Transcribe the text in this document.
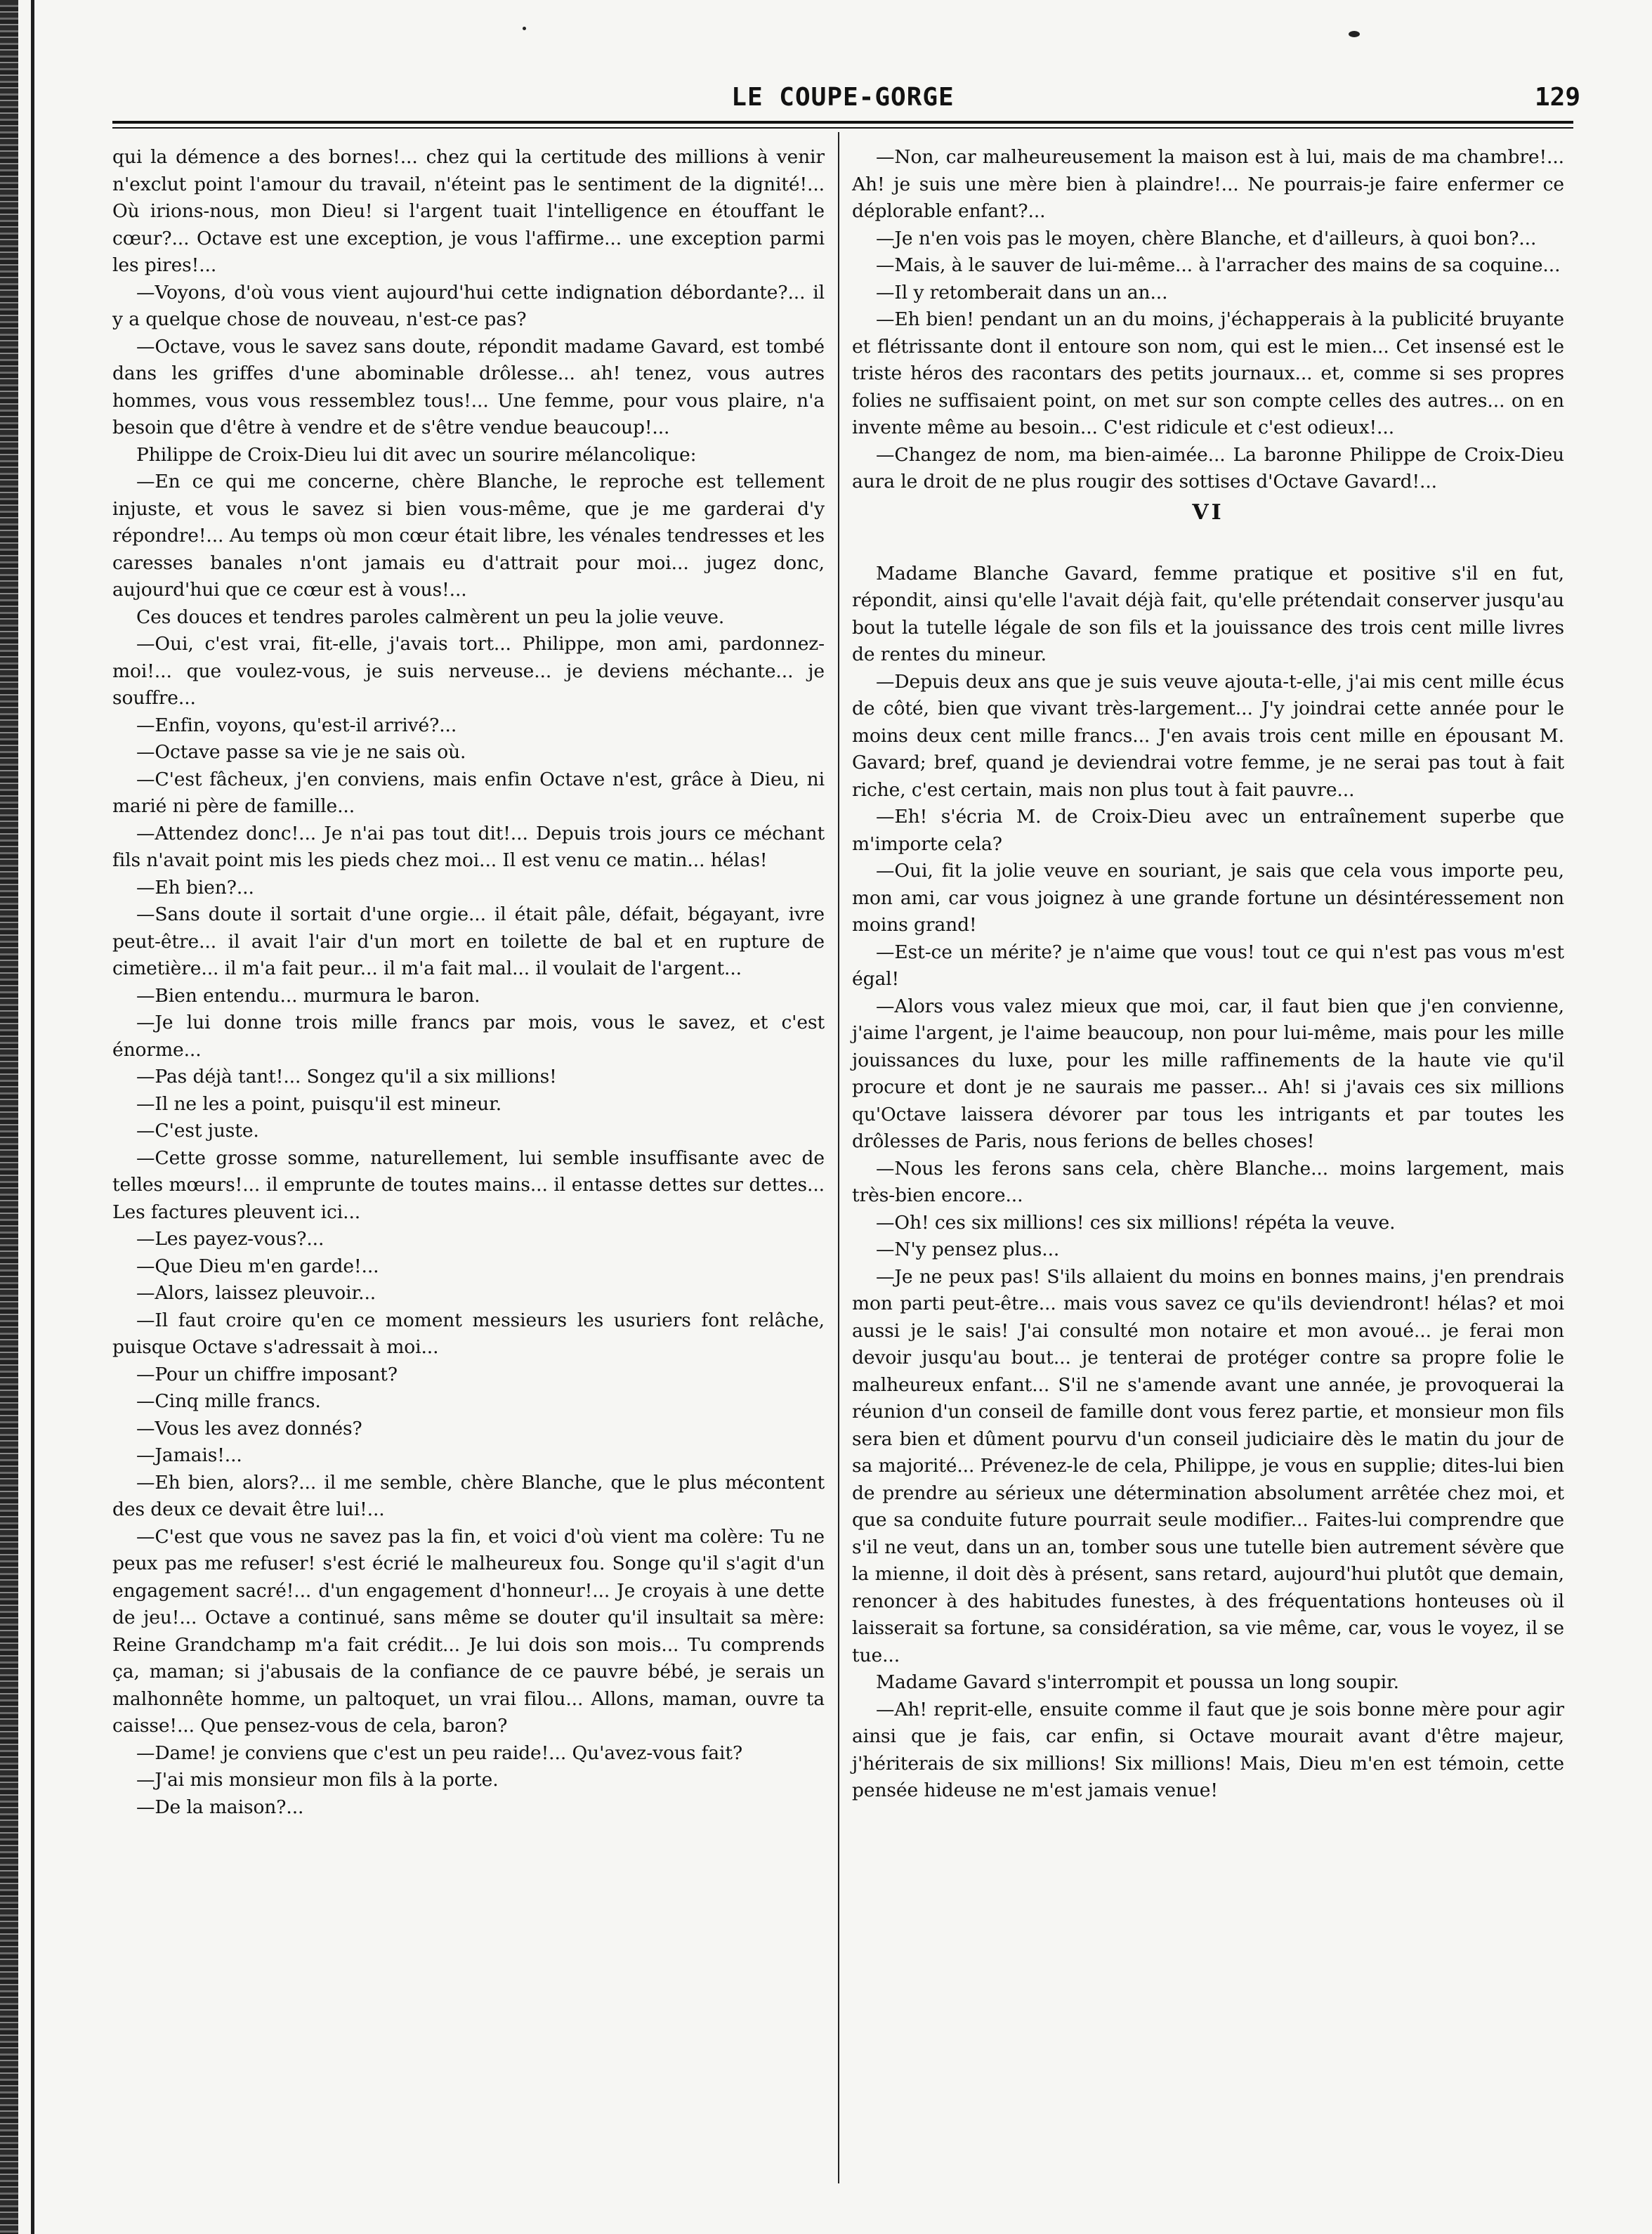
LE COUPE-GORGE	129

qui la démence a des bornes!... chez qui la certitude des millions à venir n'exclut point l'amour du travail, n'éteint pas le sentiment de la dignité!... Où irions-nous, mon Dieu! si l'argent tuait l'intelligence en étouffant le cœur?... Octave est une exception, je vous l'affirme... une exception parmi les pires!...

—Voyons, d'où vous vient aujourd'hui cette indignation débordante?... il y a quelque chose de nouveau, n'est-ce pas?

—Octave, vous le savez sans doute, répondit madame Gavard, est tombé dans les griffes d'une abominable drôlesse... ah! tenez, vous autres hommes, vous vous ressemblez tous!... Une femme, pour vous plaire, n'a besoin que d'être à vendre et de s'être vendue beaucoup!...

Philippe de Croix-Dieu lui dit avec un sourire mélancolique:

—En ce qui me concerne, chère Blanche, le reproche est tellement injuste, et vous le savez si bien vous-même, que je me garderai d'y répondre!... Au temps où mon cœur était libre, les vénales tendresses et les caresses banales n'ont jamais eu d'attrait pour moi... jugez donc, aujourd'hui que ce cœur est à vous!...

Ces douces et tendres paroles calmèrent un peu la jolie veuve.

—Oui, c'est vrai, fit-elle, j'avais tort... Philippe, mon ami, pardonnez-moi!... que voulez-vous, je suis nerveuse... je deviens méchante... je souffre...

—Enfin, voyons, qu'est-il arrivé?...

—Octave passe sa vie je ne sais où.

—C'est fâcheux, j'en conviens, mais enfin Octave n'est, grâce à Dieu, ni marié ni père de famille...

—Attendez donc!... Je n'ai pas tout dit!... Depuis trois jours ce méchant fils n'avait point mis les pieds chez moi... Il est venu ce matin... hélas!

—Eh bien?...

—Sans doute il sortait d'une orgie... il était pâle, défait, bégayant, ivre peut-être... il avait l'air d'un mort en toilette de bal et en rupture de cimetière... il m'a fait peur... il m'a fait mal... il voulait de l'argent...

—Bien entendu... murmura le baron.

—Je lui donne trois mille francs par mois, vous le savez, et c'est énorme...

—Pas déjà tant!... Songez qu'il a six millions!

—Il ne les a point, puisqu'il est mineur.

—C'est juste.

—Cette grosse somme, naturellement, lui semble insuffisante avec de telles mœurs!... il emprunte de toutes mains... il entasse dettes sur dettes... Les factures pleuvent ici...

—Les payez-vous?...

—Que Dieu m'en garde!...

—Alors, laissez pleuvoir...

—Il faut croire qu'en ce moment messieurs les usuriers font relâche, puisque Octave s'adressait à moi...

—Pour un chiffre imposant?

—Cinq mille francs.

—Vous les avez donnés?

—Jamais!...

—Eh bien, alors?... il me semble, chère Blanche, que le plus mécontent des deux ce devait être lui!...

—C'est que vous ne savez pas la fin, et voici d'où vient ma colère: Tu ne peux pas me refuser! s'est écrié le malheureux fou. Songe qu'il s'agit d'un engagement sacré!... d'un engagement d'honneur!... Je croyais à une dette de jeu!... Octave a continué, sans même se douter qu'il insultait sa mère: Reine Grandchamp m'a fait crédit... Je lui dois son mois... Tu comprends ça, maman; si j'abusais de la confiance de ce pauvre bébé, je serais un malhonnête homme, un paltoquet, un vrai filou... Allons, maman, ouvre ta caisse!... Que pensez-vous de cela, baron?

—Dame! je conviens que c'est un peu raide!... Qu'avez-vous fait?

—J'ai mis monsieur mon fils à la porte.

—De la maison?...

—Non, car malheureusement la maison est à lui, mais de ma chambre!... Ah! je suis une mère bien à plaindre!... Ne pourrais-je faire enfermer ce déplorable enfant?...

—Je n'en vois pas le moyen, chère Blanche, et d'ailleurs, à quoi bon?...

—Mais, à le sauver de lui-même... à l'arracher des mains de sa coquine...

—Il y retomberait dans un an...

—Eh bien! pendant un an du moins, j'échapperais à la publicité bruyante et flétrissante dont il entoure son nom, qui est le mien... Cet insensé est le triste héros des racontars des petits journaux... et, comme si ses propres folies ne suffisaient point, on met sur son compte celles des autres... on en invente même au besoin... C'est ridicule et c'est odieux!...

—Changez de nom, ma bien-aimée... La baronne Philippe de Croix-Dieu aura le droit de ne plus rougir des sottises d'Octave Gavard!...

VI

Madame Blanche Gavard, femme pratique et positive s'il en fut, répondit, ainsi qu'elle l'avait déjà fait, qu'elle prétendait conserver jusqu'au bout la tutelle légale de son fils et la jouissance des trois cent mille livres de rentes du mineur.

—Depuis deux ans que je suis veuve ajouta-t-elle, j'ai mis cent mille écus de côté, bien que vivant très-largement... J'y joindrai cette année pour le moins deux cent mille francs... J'en avais trois cent mille en épousant M. Gavard; bref, quand je deviendrai votre femme, je ne serai pas tout à fait riche, c'est certain, mais non plus tout à fait pauvre...

—Eh! s'écria M. de Croix-Dieu avec un entraînement superbe que m'importe cela?

—Oui, fit la jolie veuve en souriant, je sais que cela vous importe peu, mon ami, car vous joignez à une grande fortune un désintéressement non moins grand!

—Est-ce un mérite? je n'aime que vous! tout ce qui n'est pas vous m'est égal!

—Alors vous valez mieux que moi, car, il faut bien que j'en convienne, j'aime l'argent, je l'aime beaucoup, non pour lui-même, mais pour les mille jouissances du luxe, pour les mille raffinements de la haute vie qu'il procure et dont je ne saurais me passer... Ah! si j'avais ces six millions qu'Octave laissera dévorer par tous les intrigants et par toutes les drôlesses de Paris, nous ferions de belles choses!

—Nous les ferons sans cela, chère Blanche... moins largement, mais très-bien encore...

—Oh! ces six millions! ces six millions! répéta la veuve.

—N'y pensez plus...

—Je ne peux pas! S'ils allaient du moins en bonnes mains, j'en prendrais mon parti peut-être... mais vous savez ce qu'ils deviendront! hélas? et moi aussi je le sais! J'ai consulté mon notaire et mon avoué... je ferai mon devoir jusqu'au bout... je tenterai de protéger contre sa propre folie le malheureux enfant... S'il ne s'amende avant une année, je provoquerai la réunion d'un conseil de famille dont vous ferez partie, et monsieur mon fils sera bien et dûment pourvu d'un conseil judiciaire dès le matin du jour de sa majorité... Prévenez-le de cela, Philippe, je vous en supplie; dites-lui bien de prendre au sérieux une détermination absolument arrêtée chez moi, et que sa conduite future pourrait seule modifier... Faites-lui comprendre que s'il ne veut, dans un an, tomber sous une tutelle bien autrement sévère que la mienne, il doit dès à présent, sans retard, aujourd'hui plutôt que demain, renoncer à des habitudes funestes, à des fréquentations honteuses où il laisserait sa fortune, sa considération, sa vie même, car, vous le voyez, il se tue...

Madame Gavard s'interrompit et poussa un long soupir.

—Ah! reprit-elle, ensuite comme il faut que je sois bonne mère pour agir ainsi que je fais, car enfin, si Octave mourait avant d'être majeur, j'hériterais de six millions! Six millions! Mais, Dieu m'en est témoin, cette pensée hideuse ne m'est jamais venue!
